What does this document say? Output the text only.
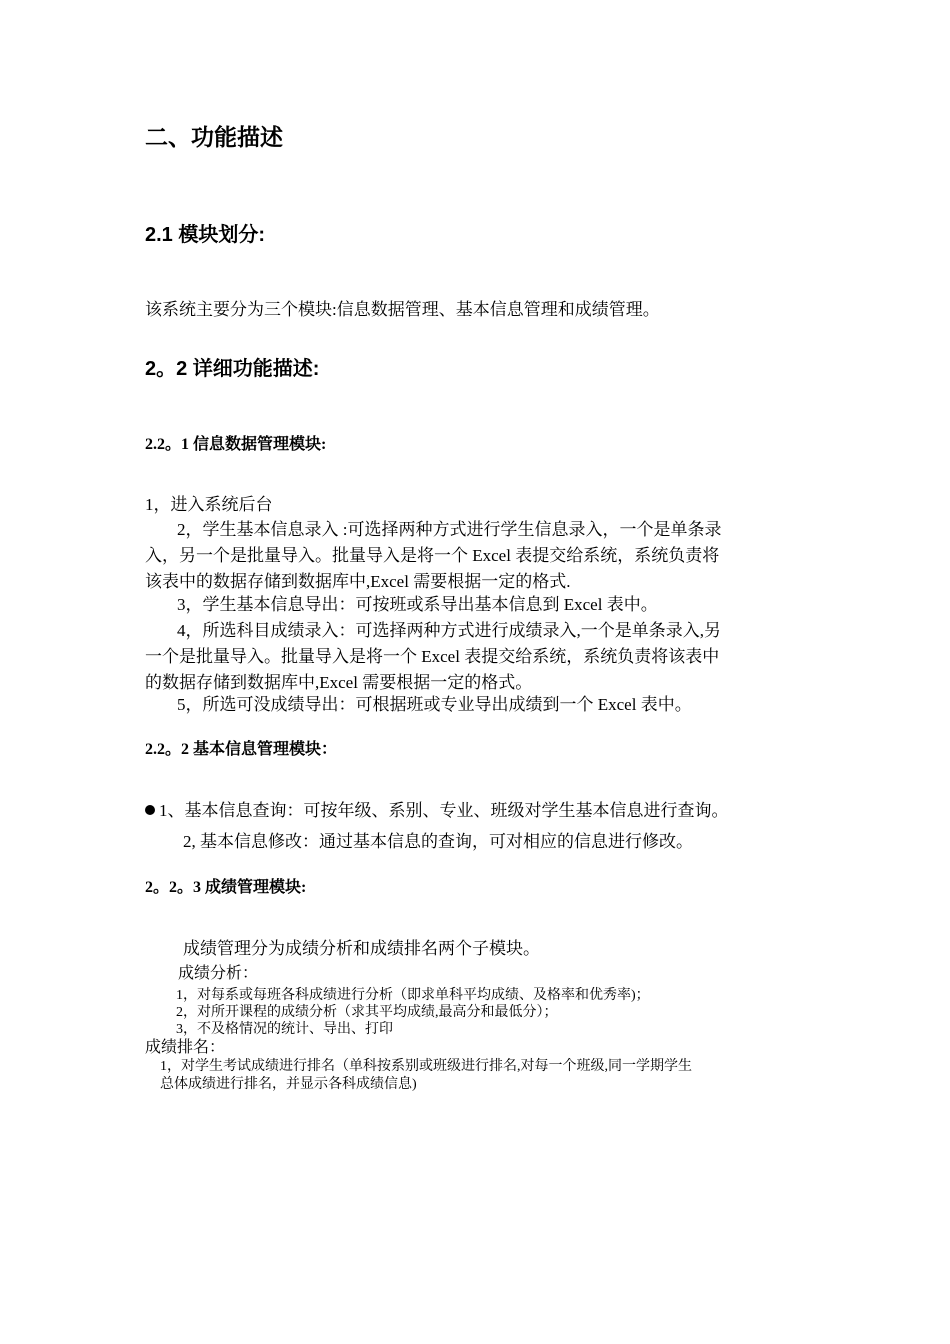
二、功能描述
2.1 模块划分:
该系统主要分为三个模块:信息数据管理、基本信息管理和成绩管理。
2。2 详细功能描述:
2.2。1 信息数据管理模块:
1，进入系统后台
2，学生基本信息录入 :可选择两种方式进行学生信息录入，一个是单条录
入，另一个是批量导入。批量导入是将一个 Excel 表提交给系统，系统负责将
该表中的数据存储到数据库中,Excel 需要根据一定的格式.
3，学生基本信息导出：可按班或系导出基本信息到 Excel 表中。
4，所选科目成绩录入：可选择两种方式进行成绩录入,一个是单条录入,另
一个是批量导入。批量导入是将一个 Excel 表提交给系统，系统负责将该表中
的数据存储到数据库中,Excel 需要根据一定的格式。
5，所选可没成绩导出：可根据班或专业导出成绩到一个 Excel 表中。
2.2。2 基本信息管理模块：
1、基本信息查询：可按年级、系别、专业、班级对学生基本信息进行查询。
2, 基本信息修改：通过基本信息的查询，可对相应的信息进行修改。
2。2。3 成绩管理模块:
成绩管理分为成绩分析和成绩排名两个子模块。
成绩分析：
1，对每系或每班各科成绩进行分析（即求单科平均成绩、及格率和优秀率)；
2，对所开课程的成绩分析（求其平均成绩,最高分和最低分）；
3，不及格情况的统计、导出、打印
成绩排名：
1，对学生考试成绩进行排名（单科按系别或班级进行排名,对每一个班级,同一学期学生
总体成绩进行排名，并显示各科成绩信息)
